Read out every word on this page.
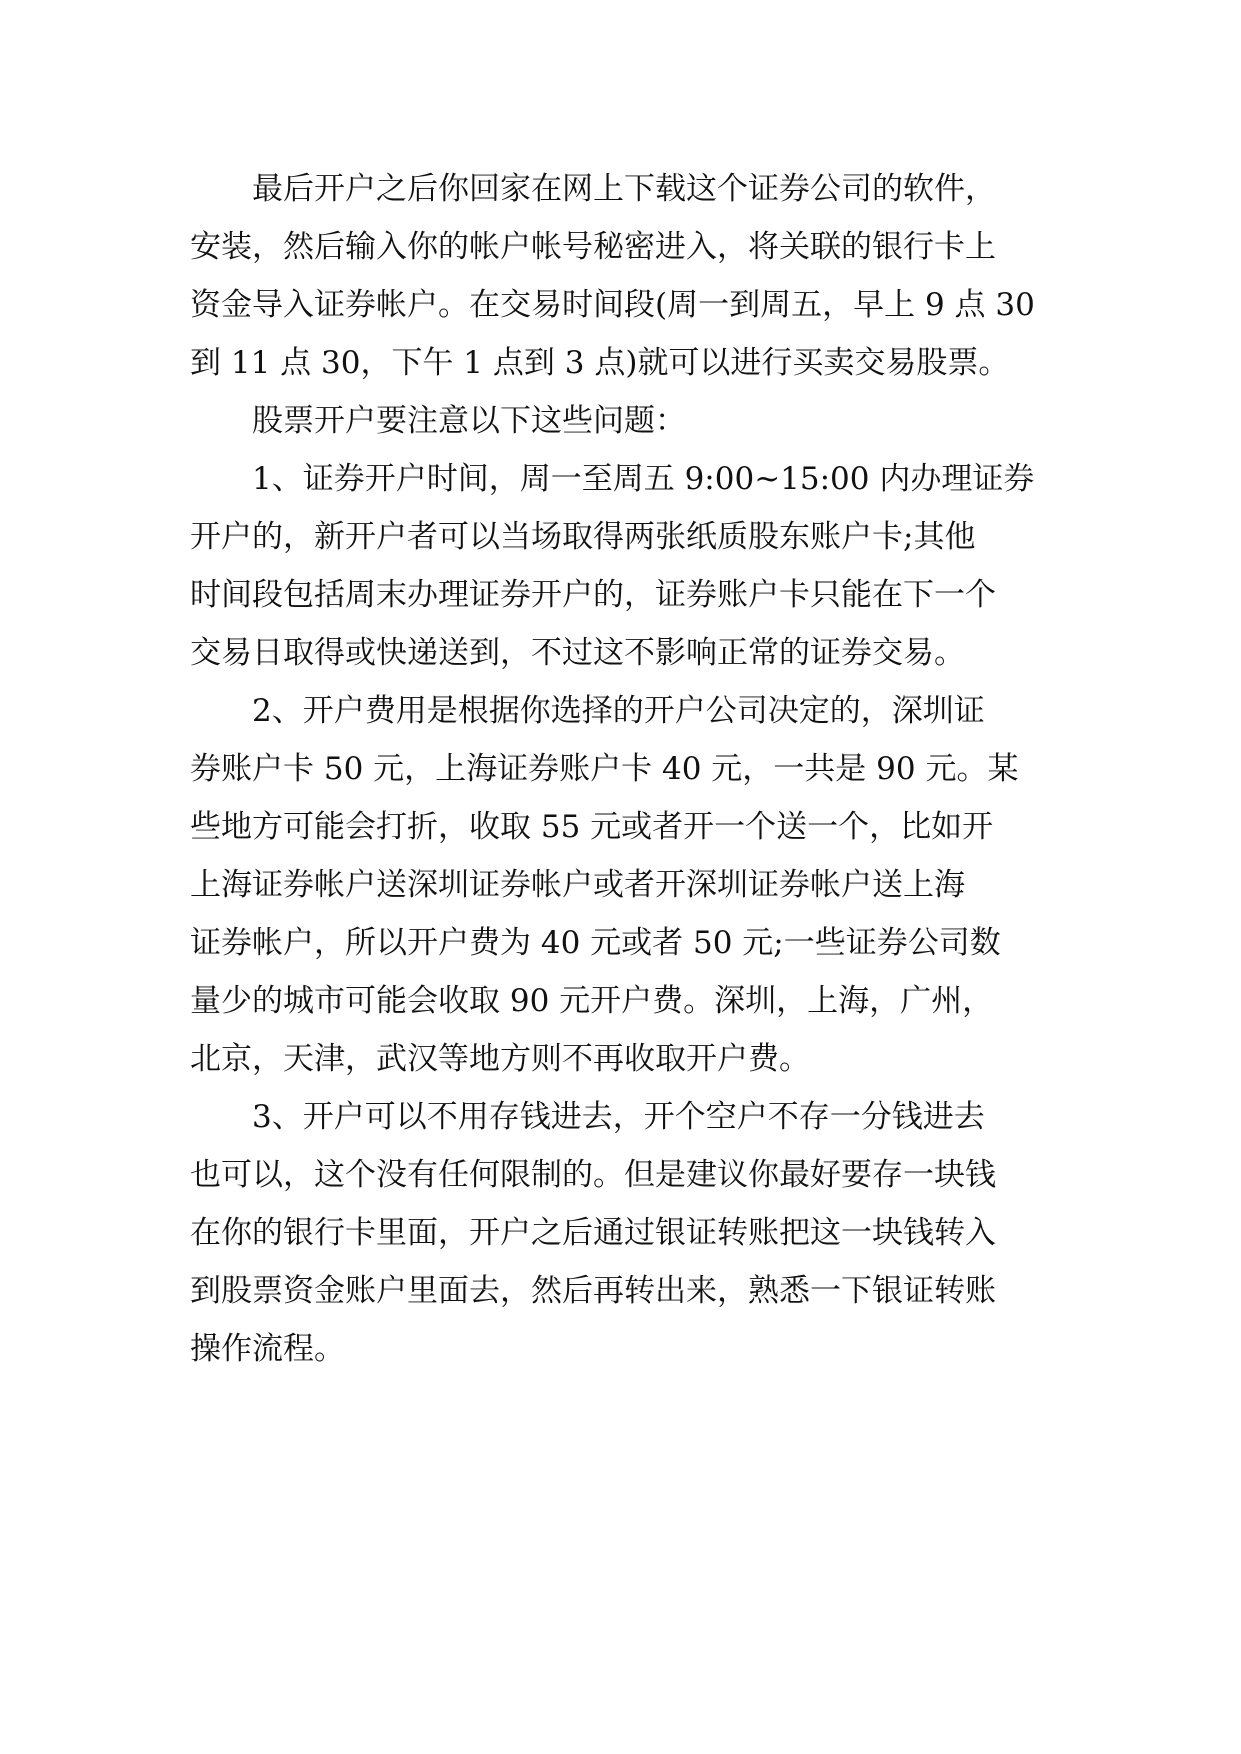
最后开户之后你回家在网上下载这个证券公司的软件，
安装，然后输入你的帐户帐号秘密进入，将关联的银行卡上
资金导入证券帐户。在交易时间段(周一到周五，早上 9 点 30
到 11 点 30，下午 1 点到 3 点)就可以进行买卖交易股票。
股票开户要注意以下这些问题：
1、证券开户时间，周一至周五 9:00~15:00 内办理证券
开户的，新开户者可以当场取得两张纸质股东账户卡;其他
时间段包括周末办理证券开户的，证券账户卡只能在下一个
交易日取得或快递送到，不过这不影响正常的证券交易。
2、开户费用是根据你选择的开户公司决定的，深圳证
券账户卡 50 元，上海证券账户卡 40 元，一共是 90 元。某
些地方可能会打折，收取 55 元或者开一个送一个，比如开
上海证券帐户送深圳证券帐户或者开深圳证券帐户送上海
证券帐户，所以开户费为 40 元或者 50 元;一些证券公司数
量少的城市可能会收取 90 元开户费。深圳，上海，广州，
北京，天津，武汉等地方则不再收取开户费。
3、开户可以不用存钱进去，开个空户不存一分钱进去
也可以，这个没有任何限制的。但是建议你最好要存一块钱
在你的银行卡里面，开户之后通过银证转账把这一块钱转入
到股票资金账户里面去，然后再转出来，熟悉一下银证转账
操作流程。
